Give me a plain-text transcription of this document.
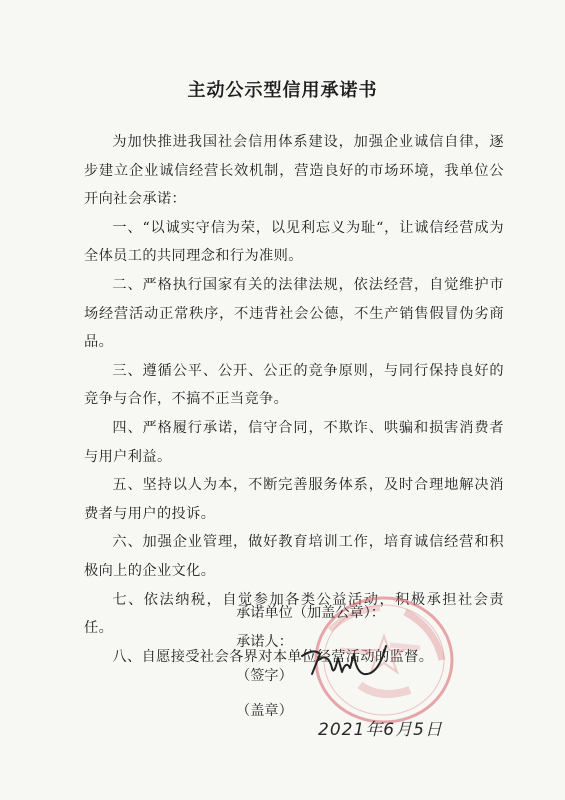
主动公示型信用承诺书

为加快推进我国社会信用体系建设，加强企业诚信自律，逐步建立企业诚信经营长效机制，营造良好的市场环境，我单位公开向社会承诺：

一、“以诚实守信为荣，以见利忘义为耻“，让诚信经营成为全体员工的共同理念和行为准则。

二、严格执行国家有关的法律法规，依法经营，自觉维护市场经营活动正常秩序，不违背社会公德，不生产销售假冒伪劣商品。

三、遵循公平、公开、公正的竞争原则，与同行保持良好的竞争与合作，不搞不正当竞争。

四、严格履行承诺，信守合同，不欺诈、哄骗和损害消费者与用户利益。

五、坚持以人为本，不断完善服务体系，及时合理地解决消费者与用户的投诉。

六、加强企业管理，做好教育培训工作，培育诚信经营和积极向上的企业文化。

七、依法纳税，自觉参加各类公益活动，积极承担社会责任。

八、自愿接受社会各界对本单位经营活动的监督。

承诺单位（加盖公章）：
承诺人：
（签字）
（盖章）
2021年6月5日
